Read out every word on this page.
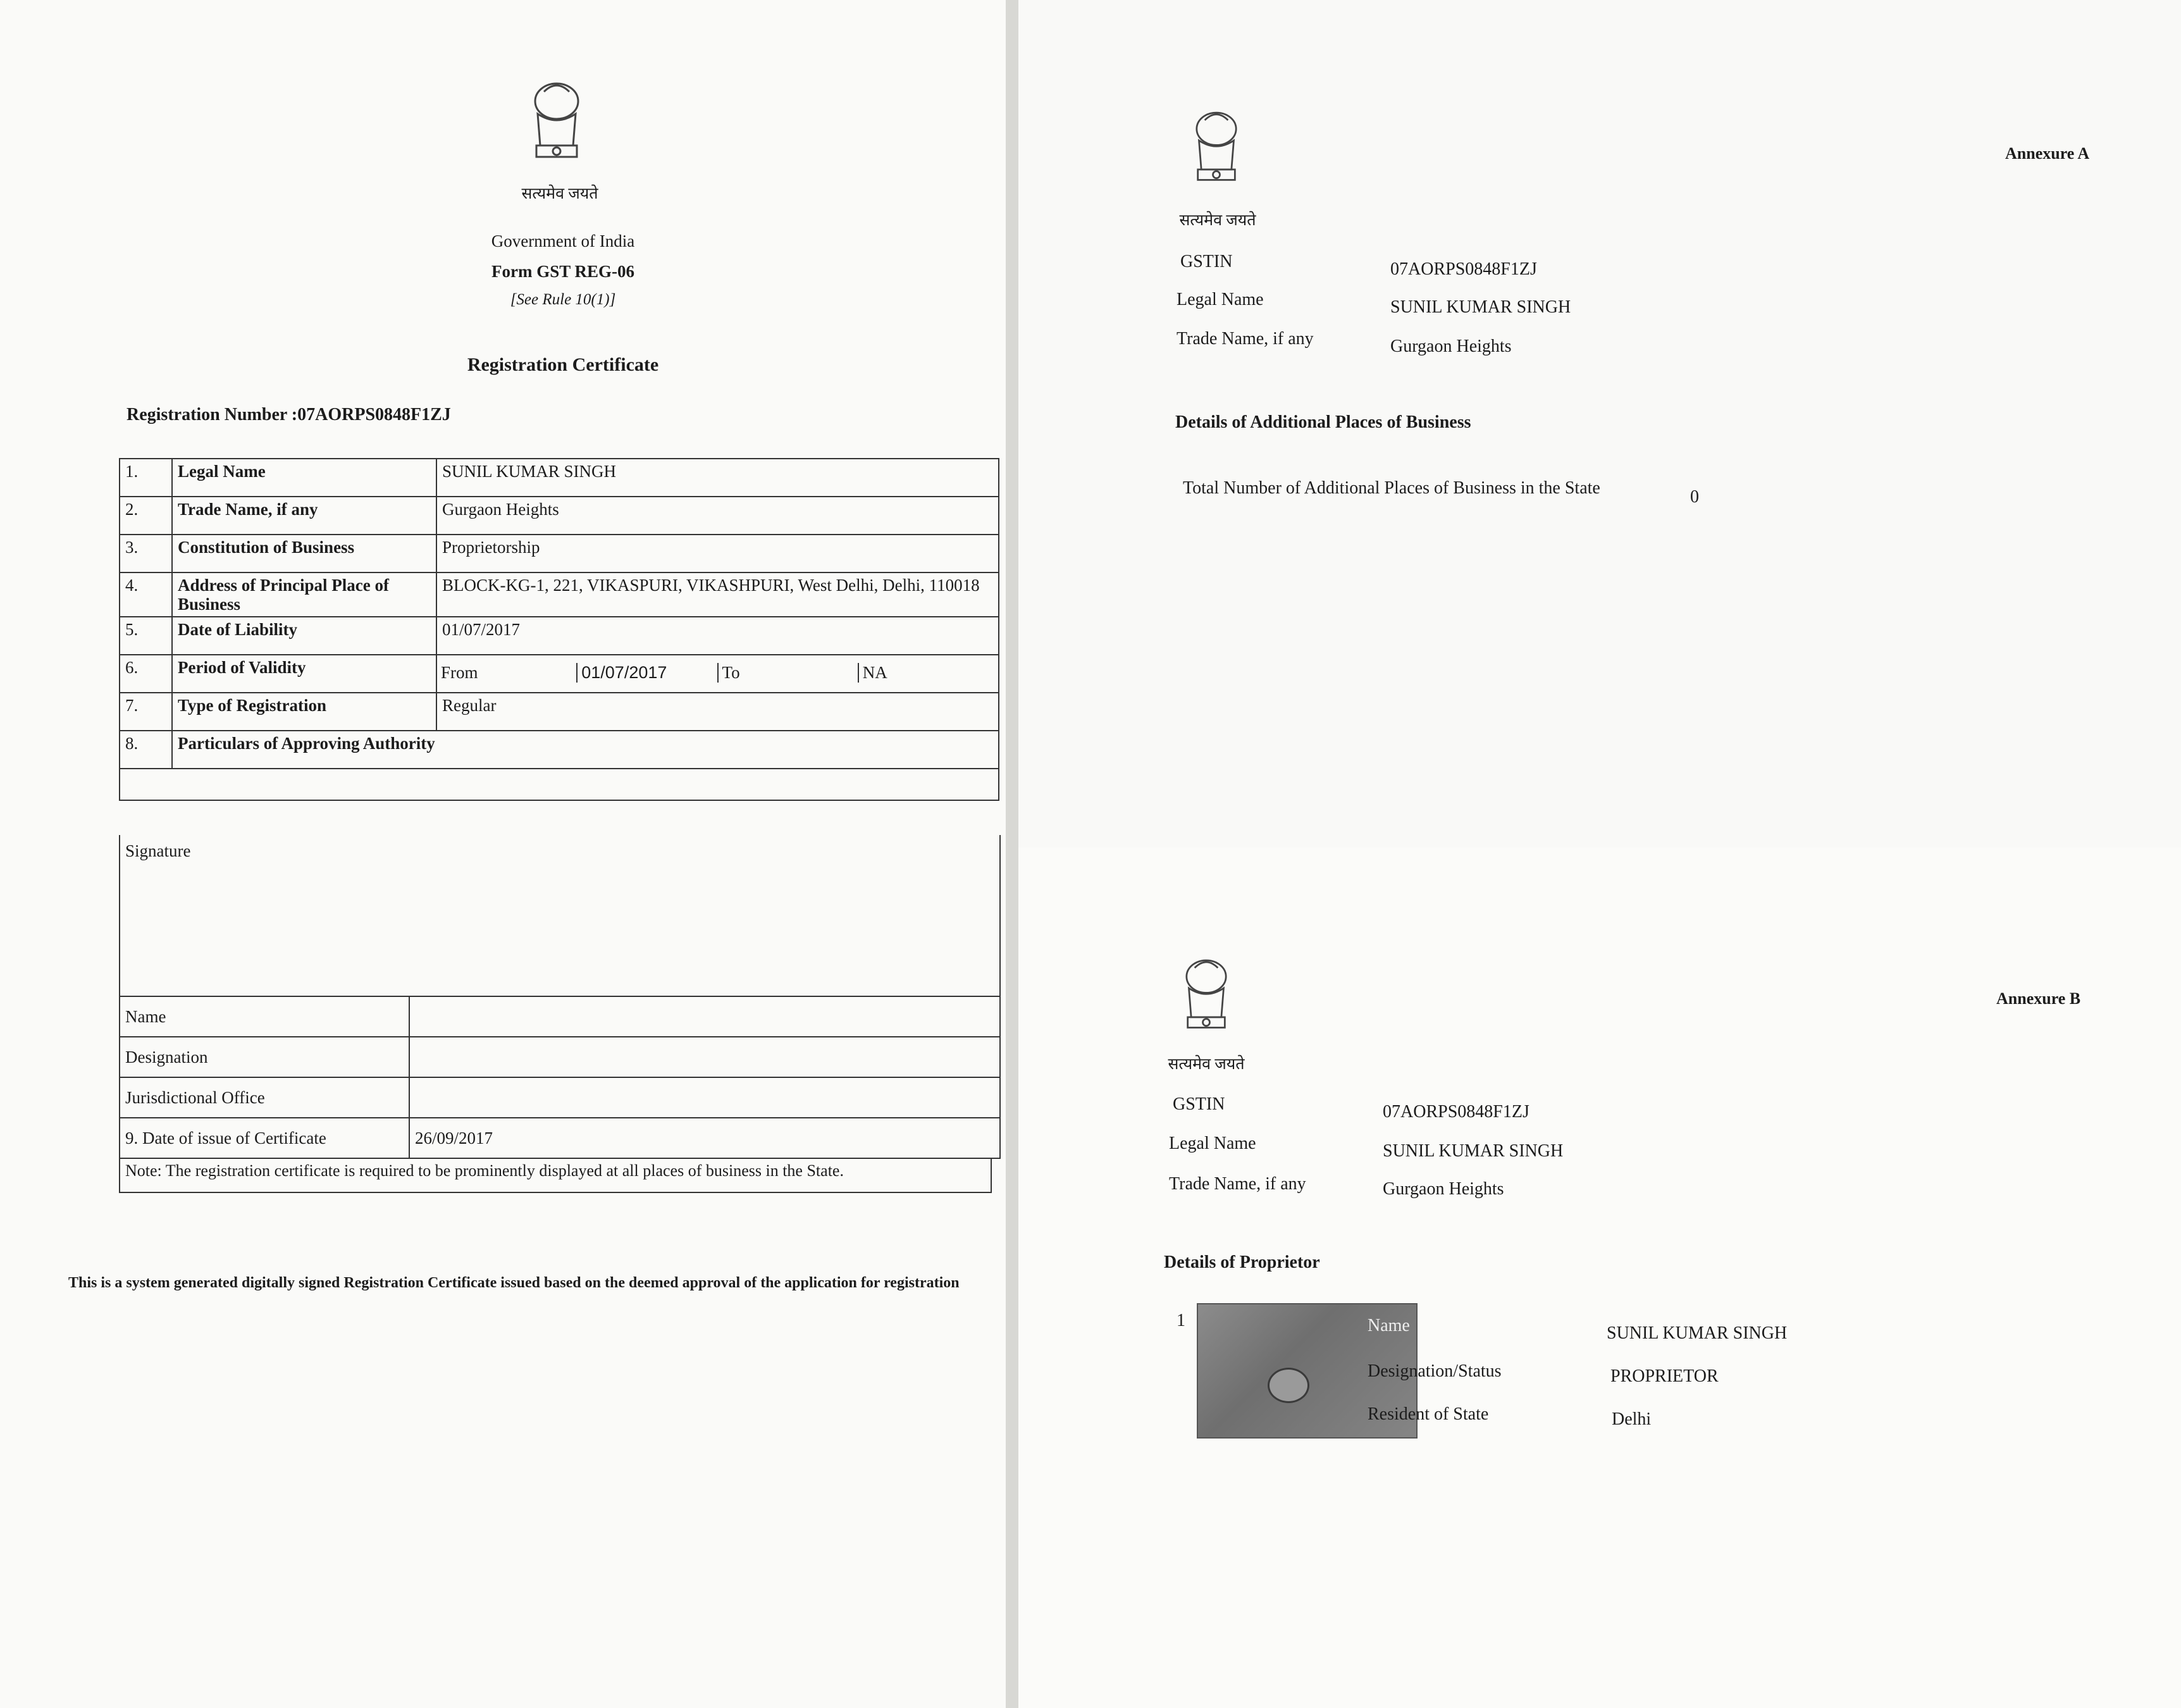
सत्यमेव जयते
Government of India
Form GST REG-06
[See Rule 10(1)]
Registration Certificate
Registration Number :07AORPS0848F1ZJ
1.	Legal Name	SUNIL KUMAR SINGH
2.	Trade Name, if any	Gurgaon Heights
3.	Constitution of Business	Proprietorship
4.	Address of Principal Place of Business	BLOCK-KG-1, 221, VIKASPURI, VIKASHPURI, West Delhi, Delhi, 110018
5.	Date of Liability	01/07/2017
6.	Period of Validity	From 01/07/2017 To NA

7.	Type of Registration	Regular
8.	Particulars of Approving Authority	

Signature
Name	
Designation	
Jurisdictional Office	
9. Date of issue of Certificate	26/09/2017
Note: The registration certificate is required to be prominently displayed at all places of business in the State.
This is a system generated digitally signed Registration Certificate issued based on the deemed approval of the application for registration
सत्यमेव जयते
Annexure A
GSTIN	07AORPS0848F1ZJ
Legal Name	SUNIL KUMAR SINGH
Trade Name, if any	Gurgaon Heights
Details of Additional Places of Business
Total Number of Additional Places of Business in the State	0
सत्यमेव जयते
Annexure B
GSTIN	07AORPS0848F1ZJ
Legal Name	SUNIL KUMAR SINGH
Trade Name, if any	Gurgaon Heights
Details of Proprietor
1	Name	SUNIL KUMAR SINGH
Designation/Status	PROPRIETOR
Resident of State	Delhi
